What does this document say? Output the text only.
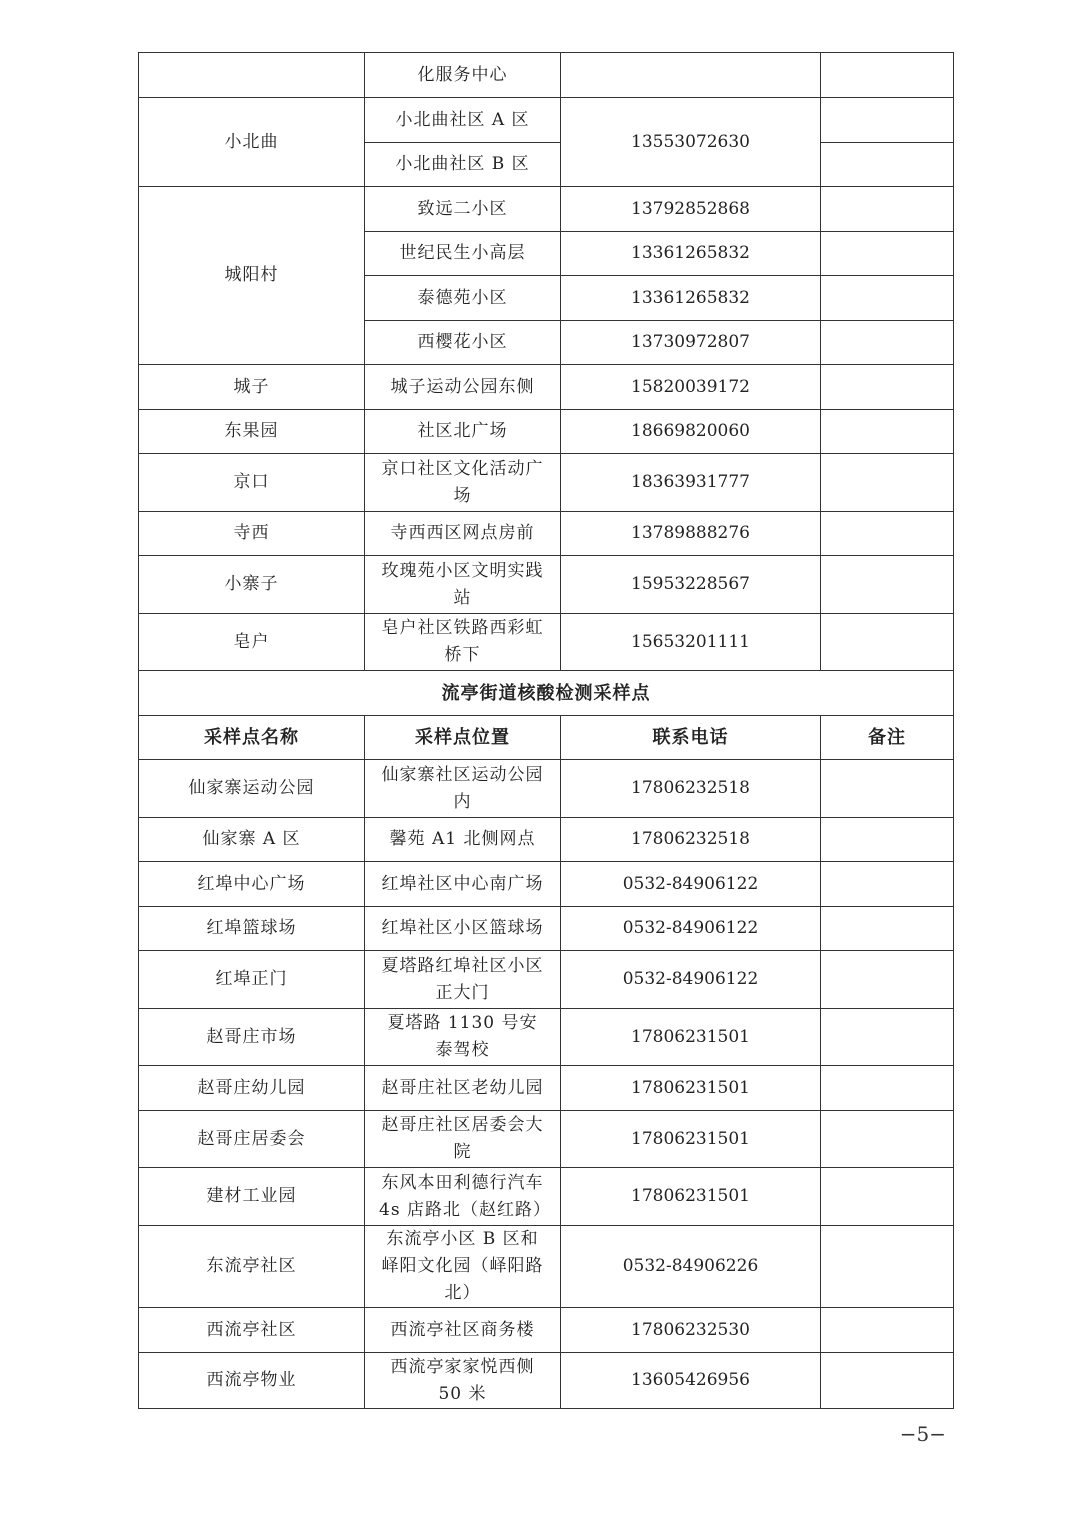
	化服务中心		
小北曲	小北曲社区 A 区	13553072630	
	小北曲社区 B 区		
城阳村	致远二小区	13792852868	
	世纪民生小高层	13361265832	
	泰德苑小区	13361265832	
	西樱花小区	13730972807	
城子	城子运动公园东侧	15820039172	
东果园	社区北广场	18669820060	
京口	京口社区文化活动广场	18363931777	
寺西	寺西西区网点房前	13789888276	
小寨子	玫瑰苑小区文明实践站	15953228567	
皂户	皂户社区铁路西彩虹桥下	15653201111	
流亭街道核酸检测采样点			
采样点名称	采样点位置	联系电话	备注
仙家寨运动公园	仙家寨社区运动公园内	17806232518	
仙家寨 A 区	馨苑 A1 北侧网点	17806232518	
红埠中心广场	红埠社区中心南广场	0532-84906122	
红埠篮球场	红埠社区小区篮球场	0532-84906122	
红埠正门	夏塔路红埠社区小区正大门	0532-84906122	
赵哥庄市场	夏塔路 1130 号安泰驾校	17806231501	
赵哥庄幼儿园	赵哥庄社区老幼儿园	17806231501	
赵哥庄居委会	赵哥庄社区居委会大院	17806231501	
建材工业园	东风本田利德行汽车 4s 店路北（赵红路）	17806231501	
东流亭社区	东流亭小区 B 区和峄阳文化园（峄阳路北）	0532-84906226	
西流亭社区	西流亭社区商务楼	17806232530	
西流亭物业	西流亭家家悦西侧 50 米	13605426956	
−5−
